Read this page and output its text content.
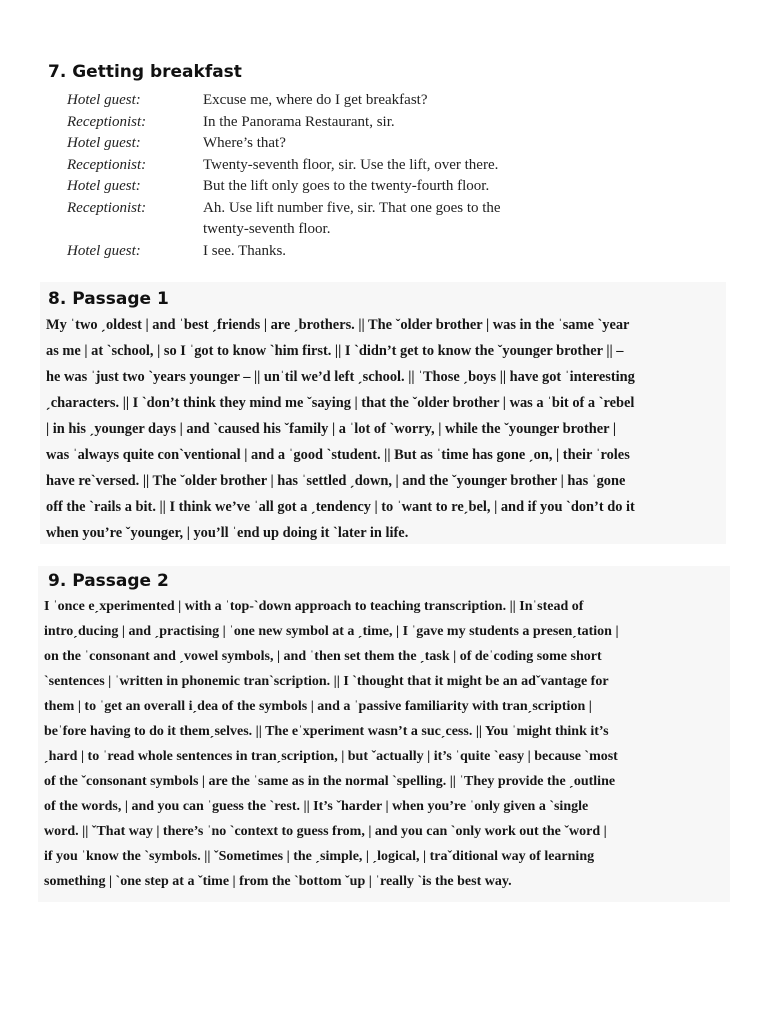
7. Getting breakfast
Hotel guest:	Excuse me, where do I get breakfast?
Receptionist:	In the Panorama Restaurant, sir.
Hotel guest:	Where’s that?
Receptionist:	Twenty-seventh floor, sir. Use the lift, over there.
Hotel guest:	But the lift only goes to the twenty-fourth floor.
Receptionist:	Ah. Use lift number five, sir. That one goes to the
twenty-seventh floor.
Hotel guest:	I see. Thanks.
8. Passage 1
My ˈtwo ˏoldest | and ˈbest ˏfriends | are ˏbrothers. || The ˇolder brother | was in the ˈsame ˋyear
as me | at ˋschool, | so I ˈgot to know ˋhim first. || I ˋdidn’t get to know the ˇyounger brother || –
he was ˈjust two ˋyears younger – || unˈtil we’d left ˏschool. || ˈThose ˏboys || have got ˈinteresting
ˏcharacters. || I ˋdon’t think they mind me ˇsaying | that the ˇolder brother | was a ˈbit of a ˋrebel
| in his ˏyounger days | and ˋcaused his ˇfamily | a ˈlot of ˋworry, | while the ˇyounger brother |
was ˈalways quite conˋventional | and a ˈgood ˋstudent. || But as ˈtime has gone ˏon, | their ˈroles
have reˋversed. || The ˇolder brother | has ˈsettled ˏdown, | and the ˇyounger brother | has ˈgone
off the ˋrails a bit. || I think we’ve ˈall got a ˏtendency | to ˈwant to reˏbel, | and if you ˋdon’t do it
when you’re ˇyounger, | you’ll ˈend up doing it ˋlater in life.
9. Passage 2
I ˈonce eˏxperimented | with a ˈtop-ˋdown approach to teaching transcription. || Inˈstead of
introˏducing | and ˏpractising | ˈone new symbol at a ˏtime, | I ˈgave my students a presenˏtation |
on the ˈconsonant and ˏvowel symbols, | and ˈthen set them the ˏtask | of deˈcoding some short
ˋsentences | ˈwritten in phonemic tranˋscription. || I ˋthought that it might be an adˇvantage for
them | to ˈget an overall iˏdea of the symbols | and a ˈpassive familiarity with tranˏscription |
beˈfore having to do it themˏselves. || The eˈxperiment wasn’t a sucˏcess. || You ˈmight think it’s
ˏhard | to ˈread whole sentences in tranˏscription, | but ˇactually | it’s ˈquite ˋeasy | because ˋmost
of the ˇconsonant symbols | are the ˈsame as in the normal ˋspelling. || ˈThey provide the ˏoutline
of the words, | and you can ˈguess the ˋrest. || It’s ˇharder | when you’re ˈonly given a ˋsingle
word. || ˇThat way | there’s ˈno ˋcontext to guess from, | and you can ˋonly work out the ˇword |
if you ˈknow the ˋsymbols. || ˇSometimes | the ˏsimple, | ˏlogical, | traˇditional way of learning
something | ˋone step at a ˇtime | from the ˋbottom ˇup | ˈreally ˋis the best way.
